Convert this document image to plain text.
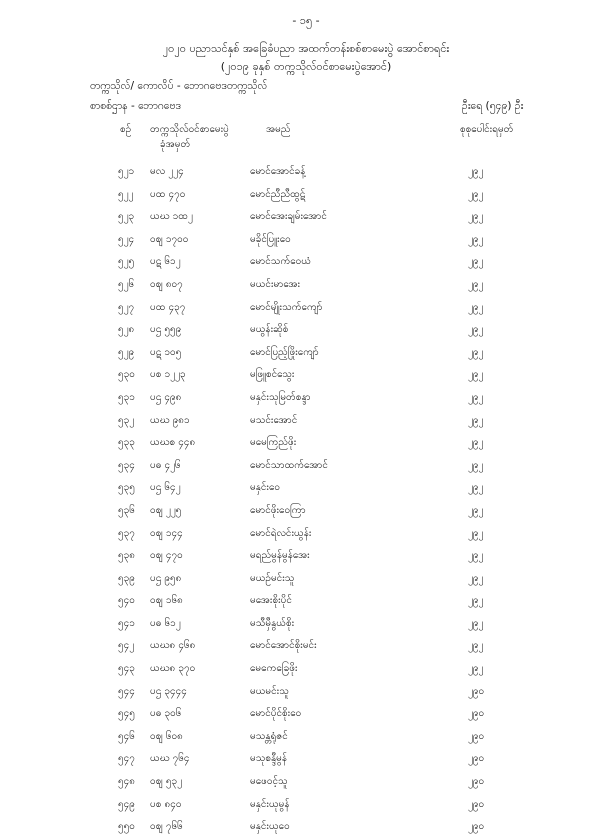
- ၁၅ -
၂၀၂၀ ပညာသင်နှစ် အခြေခံပညာ အထက်တန်းစစ်စာမေးပွဲ အောင်စာရင်း
(၂၀၁၉ ခုနှစ် တက္ကသိုလ်ဝင်စာမေးပွဲအောင်)
တက္ကသိုလ်/ ကောလိပ် - ဘောဂဗေဒတက္ကသိုလ်
စာစစ်ဌာန - ဘောဂဗေဒ	ဦးရေ (၅၄၉) ဦး
စဉ် တက္ကသိုလ်ဝင်စာမေးပွဲ
ခုံအမှတ်
အမည်	စုစုပေါင်းရမှတ်
၅၂၁ မလ ၂၂၄	မောင်အောင်ခန့်	၂၉၂
၅၂၂ ပထ ၄၇၀	မောင်ညီညီထွဋ်	၂၉၂
၅၂၃ ယဃ ၁ထ၂	မောင်အေးချမ်းအောင်	၂၉၂
၅၂၄ ဝဈ ၁၇၀၀	မခိုင်ပြူးဝေ	၂၉၂
၅၂၅ ပဋ ၆၁၂	မောင်သက်ဝေယံ	၂၉၂
၅၂၆ ဝဈ ၈၀၇	မယင်းမာအေး	၂၉၂
၅၂၇ ပထ ၄၃၇	မောင်မျိုးသက်ကျော်	၂၉၂
၅၂၈ ပဌ ၅၅၉	မယွန်းဆိုစ်	၂၉၂
၅၂၉ ပဋ ၁၀၅	မောင်ပြည့်ဖြိုးကျော်	၂၉၂
၅၃၀ ပစ ၁၂၂၃	မဖြူစင်သွေး	၂၉၂
၅၃၁ ပဌ ၄၉၈	မနှင်းသုမြတ်စန္ဒာ	၂၉၂
၅၃၂ ယဃ ၉၈၁	မသင်းအောင်	၂၉၂
၅၃၃ ယဃစ ၄၄၈	မမေကြည်ဖိုး	၂၉၂
၅၃၄ ပဓ ၄၂၆	မောင်သာထက်အောင်	၂၉၂
၅၃၅ ပဌ ၆၄၂	မနှင်းဝေ	၂၉၂
၅၃၆ ဝဈ ၂၂၅	မောင်ဖိုးဝေကြာ	၂၉၂
၅၃၇ ဝဈ ၁၄၄	မောင်ရဲလင်းယွန်း	၂၉၂
၅၃၈ ဝဈ ၄၇၀	မရည်မွန်မွန်အေး	၂၉၂
၅၃၉ ပဌ ၉၅၈	မယဉ်မင်းသူ	၂၉၂
၅၄၀ ဝဈ ၁၆၈	မအေးစိုးပိုင်	၂၉၂
၅၄၁ ပဓ ၆၁၂	မသီမှီနွယ်စိုး	၂၉၂
၅၄၂ ယဃ၈ ၄၆၈	မောင်အောင်စိုးမင်း	၂၉၂
၅၄၃ ယဃ၈ ၃၇၀	မေကေခြေဖိုး	၂၉၂
၅၄၄ ပဌ ၃၄၄၄	မယမင်းသူ	၂၉၀
၅၄၅ ပဓ ၃၀၆	မောင်ပိုင်စိုးဝေ	၂၉၀
၅၄၆ ဝဈ ၆၀၈	မသန္တရုံဇင်	၂၉၀
၅၄၇ ယဃ ၇၆၄	မသုစန္ဒီမွန်	၂၉၀
၅၄၈ ဝဈ ၅၃၂	မဖေဝင့်သူ	၂၉၀
၅၄၉ ပစ ၈၄၀	မနှင်းယုမွန်	၂၉၀
၅၅၀ ဝဈ ၇၆၆	မနှင်းယုဝေ	၂၉၀
